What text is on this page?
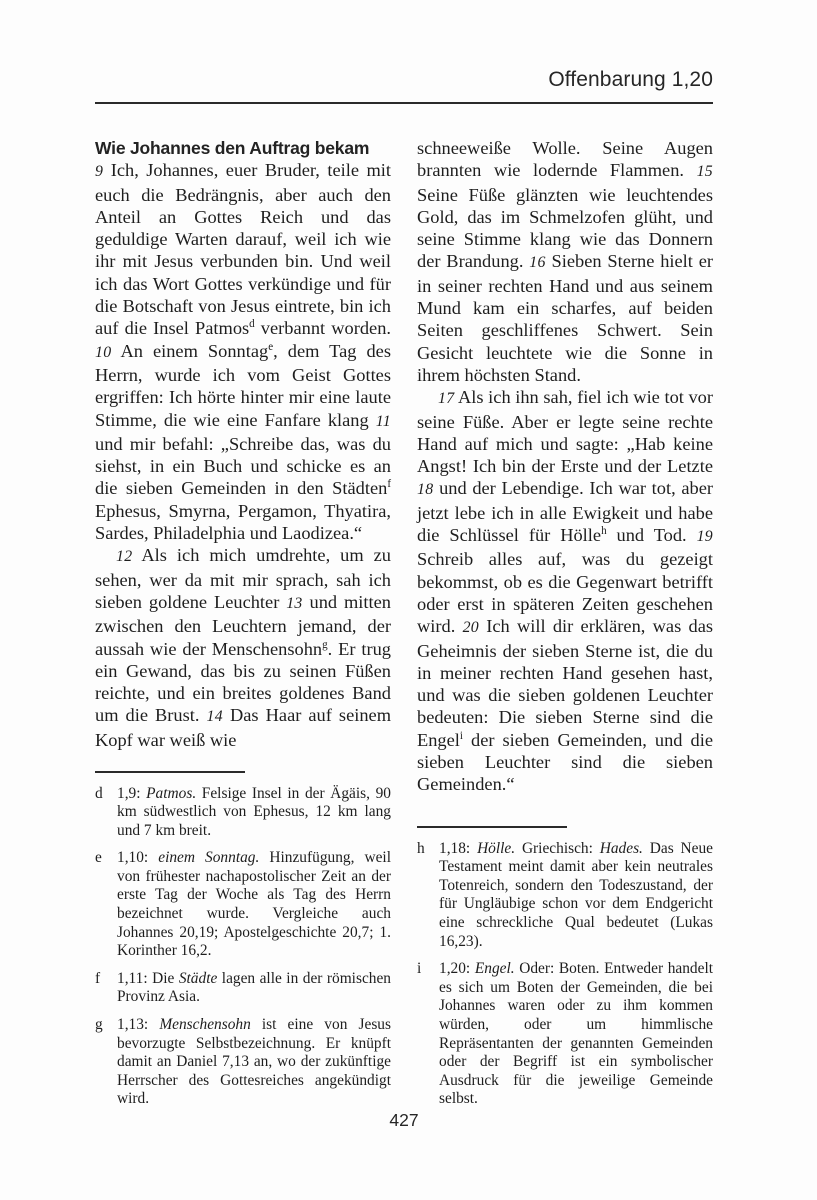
Offenbarung 1,20
Wie Johannes den Auftrag bekam

9 Ich, Johannes, euer Bruder, teile mit euch die Bedrängnis, aber auch den Anteil an Gottes Reich und das geduldige Warten darauf, weil ich wie ihr mit Jesus verbunden bin. Und weil ich das Wort Gottes verkündige und für die Botschaft von Jesus eintrete, bin ich auf die Insel Patmos$^d$ verbannt worden. 10 An einem Sonntag$^e$, dem Tag des Herrn, wurde ich vom Geist Gottes ergriffen: Ich hörte hinter mir eine laute Stimme, die wie eine Fanfare klang 11 und mir befahl: „Schreibe das, was du siehst, in ein Buch und schicke es an die sieben Gemeinden in den Städten$^f$ Ephesus, Smyrna, Pergamon, Thyatira, Sardes, Philadelphia und Laodizea.“

12 Als ich mich umdrehte, um zu sehen, wer da mit mir sprach, sah ich sieben goldene Leuchter 13 und mitten zwischen den Leuchtern jemand, der aussah wie der Menschensohn$^g$. Er trug ein Gewand, das bis zu seinen Füßen reichte, und ein breites goldenes Band um die Brust. 14 Das Haar auf seinem Kopf war weiß wie

d 1,9: Patmos. Felsige Insel in der Ägäis, 90 km südwestlich von Ephesus, 12 km lang und 7 km breit.
e 1,10: einem Sonntag. Hinzufügung, weil von frühester nachapostolischer Zeit an der erste Tag der Woche als Tag des Herrn bezeichnet wurde. Vergleiche auch Johannes 20,19; Apostelgeschichte 20,7; 1. Korinther 16,2.
f	1,11: Die Städte lagen alle in der römischen Provinz Asia.
g 1,13: Menschensohn ist eine von Jesus bevorzugte Selbstbezeichnung. Er knüpft damit an Daniel 7,13 an, wo der zukünftige Herrscher des Gottesreiches angekündigt wird.

schneeweiße Wolle. Seine Augen brannten wie lodernde Flammen. 15 Seine Füße glänzten wie leuchtendes Gold, das im Schmelzofen glüht, und seine Stimme klang wie das Donnern der Brandung. 16 Sieben Sterne hielt er in seiner rechten Hand und aus seinem Mund kam ein scharfes, auf beiden Seiten geschliffenes Schwert. Sein Gesicht leuchtete wie die Sonne in ihrem höchsten Stand.

17 Als ich ihn sah, fiel ich wie tot vor seine Füße. Aber er legte seine rechte Hand auf mich und sagte: „Hab keine Angst! Ich bin der Erste und der Letzte 18 und der Lebendige. Ich war tot, aber jetzt lebe ich in alle Ewigkeit und habe die Schlüssel für Hölle$^h$ und Tod. 19 Schreib alles auf, was du gezeigt bekommst, ob es die Gegenwart betrifft oder erst in späteren Zeiten geschehen wird. 20 Ich will dir erklären, was das Geheimnis der sieben Sterne ist, die du in meiner rechten Hand gesehen hast, und was die sieben goldenen Leuchter bedeuten: Die sieben Sterne sind die Engel$^i$ der sieben Gemeinden, und die sieben Leuchter sind die sieben Gemeinden.“

h 1,18: Hölle. Griechisch: Hades. Das Neue Testament meint damit aber kein neutrales Totenreich, sondern den Todeszustand, der für Ungläubige schon vor dem Endgericht eine schreckliche Qual bedeutet (Lukas 16,23).
i	1,20: Engel. Oder: Boten. Entweder handelt es sich um Boten der Gemeinden, die bei Johannes waren oder zu ihm kommen würden, oder um himmlische Repräsentanten der genannten Gemeinden oder der Begriff ist ein symbolischer Ausdruck für die jeweilige Gemeinde selbst.
427
